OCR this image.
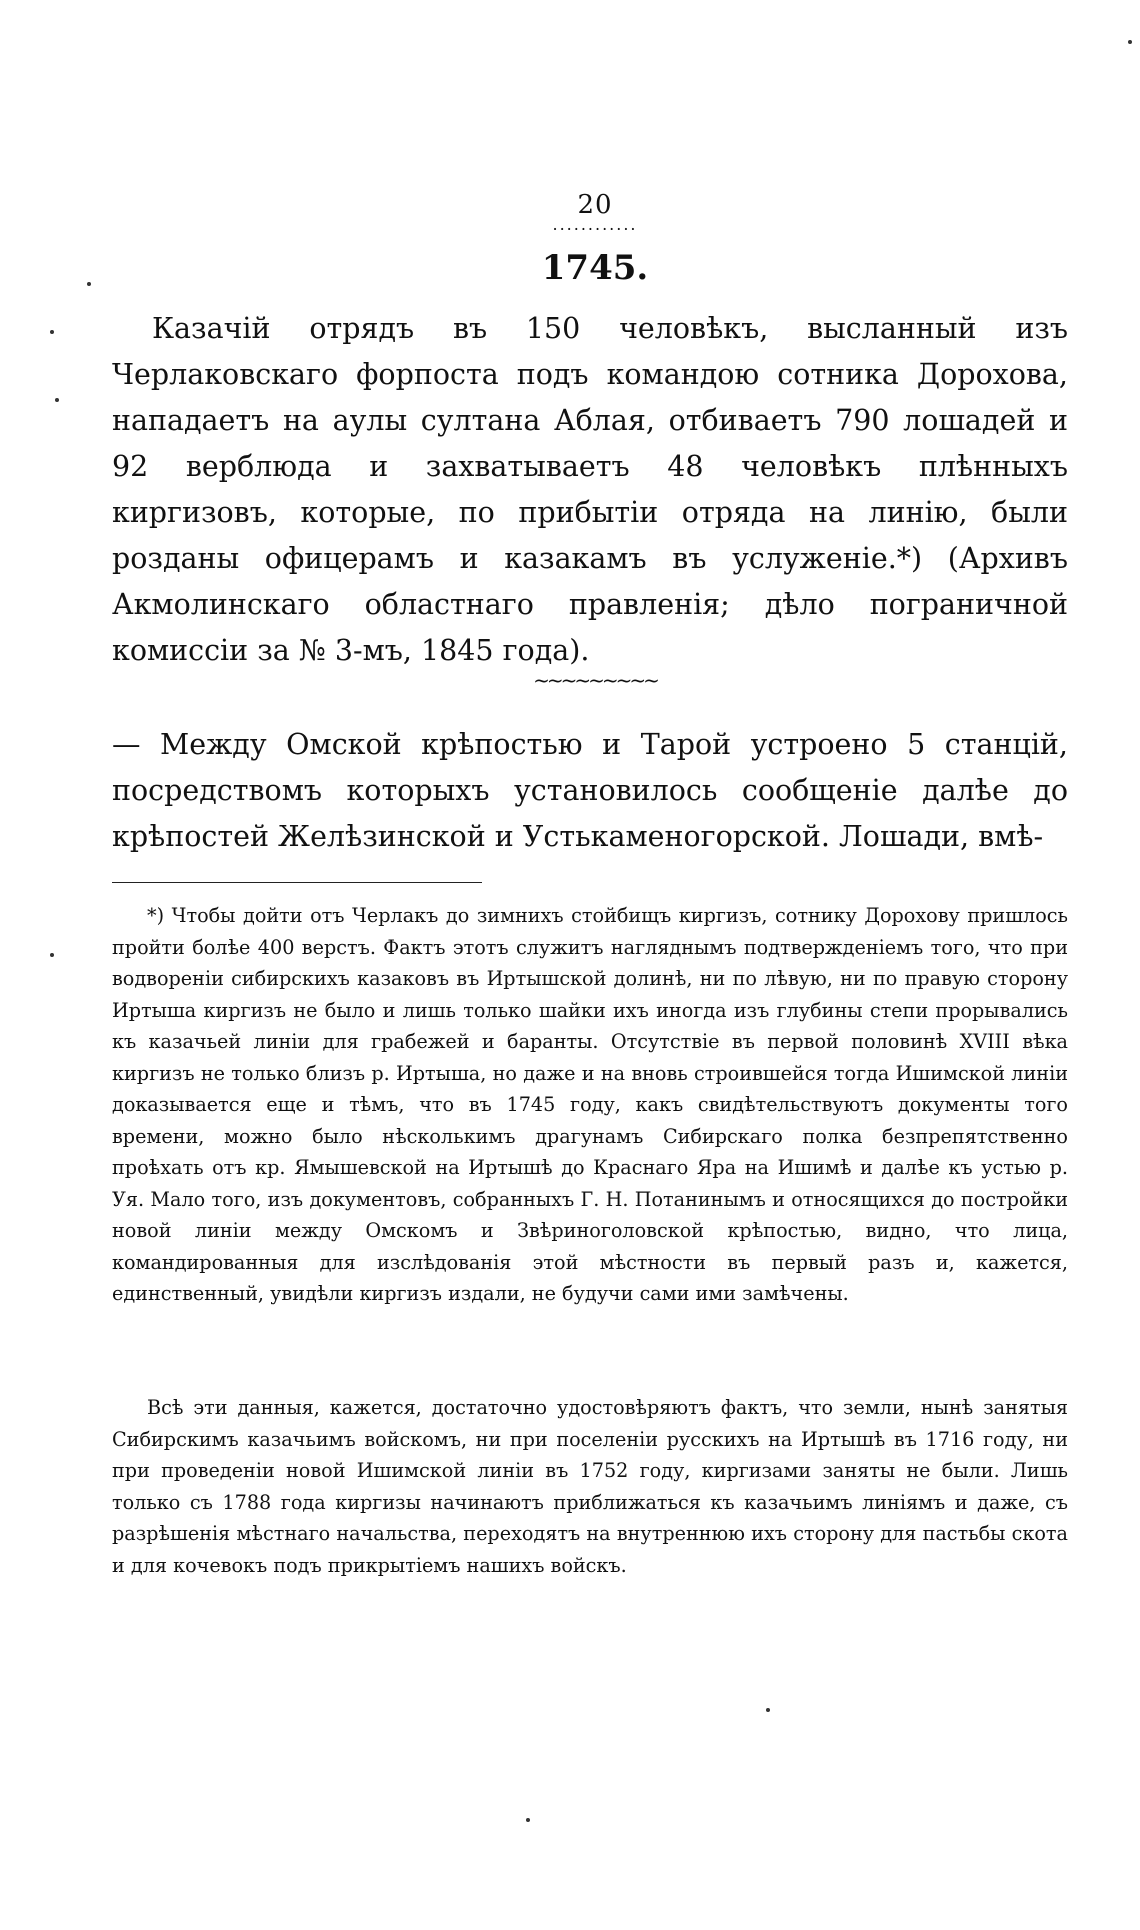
20
............
1745.

Казачій отрядъ въ 150 человѣкъ, высланный изъ Черлаковскаго форпоста подъ командою сотника Дорохова, нападаетъ на аулы султана Аблая, отбиваетъ 790 лошадей и 92 верблюда и захватываетъ 48 человѣкъ плѣнныхъ киргизовъ, которые, по прибытіи отряда на линію, были розданы офицерамъ и казакамъ въ услуженіе.*) (Архивъ Акмолинскаго областнаго правленія; дѣло пограничной комиссіи за № 3-мъ, 1845 года).

~~~~~~~~~

— Между Омской крѣпостью и Тарой устроено 5 станцій, посредствомъ которыхъ установилось сообщеніе далѣе до крѣпостей Желѣзинской и Устькаменогорской. Лошади, вмѣ-

*) Чтобы дойти отъ Черлакъ до зимнихъ стойбищъ киргизъ, сотнику Дорохову пришлось пройти болѣе 400 верстъ. Фактъ этотъ служитъ нагляднымъ подтвержденіемъ того, что при водвореніи сибирскихъ казаковъ въ Иртышской долинѣ, ни по лѣвую, ни по правую сторону Иртыша киргизъ не было и лишь только шайки ихъ иногда изъ глубины степи прорывались къ казачьей линіи для грабежей и баранты. Отсутствіе въ первой половинѣ XVIII вѣка киргизъ не только близъ р. Иртыша, но даже и на вновь строившейся тогда Ишимской линіи доказывается еще и тѣмъ, что въ 1745 году, какъ свидѣтельствуютъ документы того времени, можно было нѣсколькимъ драгунамъ Сибирскаго полка безпрепятственно проѣхать отъ кр. Ямышевской на Иртышѣ до Краснаго Яра на Ишимѣ и далѣе къ устью р. Уя. Мало того, изъ документовъ, собранныхъ Г. Н. Потанинымъ и относящихся до постройки новой линіи между Омскомъ и Звѣриноголовской крѣпостью, видно, что лица, командированныя для изслѣдованія этой мѣстности въ первый разъ и, кажется, единственный, увидѣли киргизъ издали, не будучи сами ими замѣчены.

Всѣ эти данныя, кажется, достаточно удостовѣряютъ фактъ, что земли, нынѣ занятыя Сибирскимъ казачьимъ войскомъ, ни при поселеніи русскихъ на Иртышѣ въ 1716 году, ни при проведеніи новой Ишимской линіи въ 1752 году, киргизами заняты не были. Лишь только съ 1788 года киргизы начинаютъ приближаться къ казачьимъ линіямъ и даже, съ разрѣшенія мѣстнаго начальства, переходятъ на внутреннюю ихъ сторону для пастьбы скота и для кочевокъ подъ прикрытіемъ нашихъ войскъ.
